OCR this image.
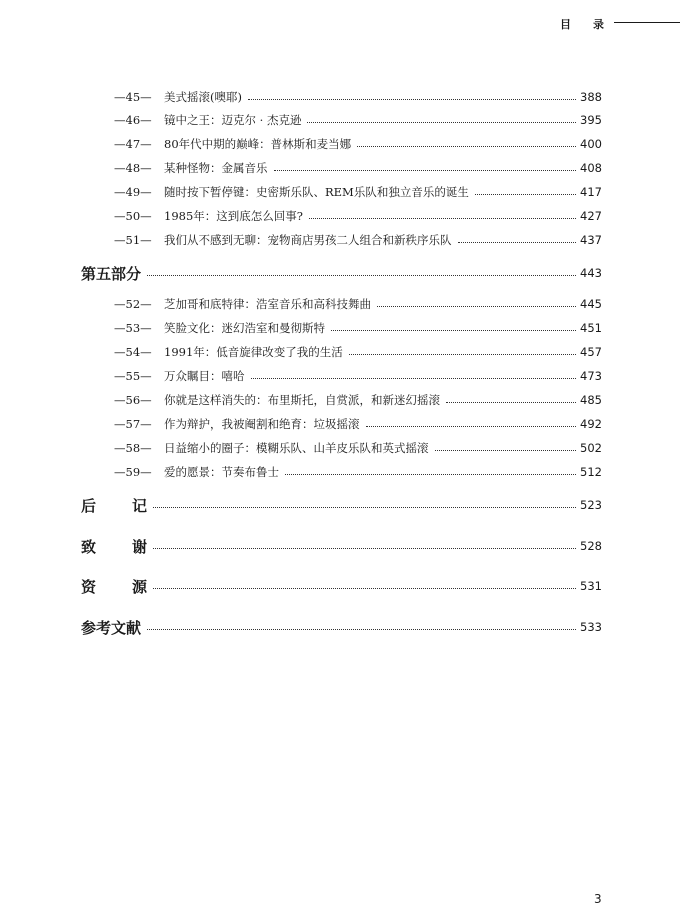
目 录
—45—	美式摇滚(噢耶)	388
—46—	镜中之王：迈克尔 · 杰克逊	395
—47—	80年代中期的巅峰：普林斯和麦当娜	400
—48—	某种怪物：金属音乐	408
—49—	随时按下暂停键：史密斯乐队、REM乐队和独立音乐的诞生	417
—50—	1985年：这到底怎么回事?	427
—51—	我们从不感到无聊：宠物商店男孩二人组合和新秩序乐队	437
第五部分	443
—52—	芝加哥和底特律：浩室音乐和高科技舞曲	445
—53—	笑脸文化：迷幻浩室和曼彻斯特	451
—54—	1991年：低音旋律改变了我的生活	457
—55—	万众瞩目：嘻哈	473
—56—	你就是这样消失的：布里斯托，自赏派，和新迷幻摇滚	485
—57—	作为辩护，我被阉割和绝育：垃圾摇滚	492
—58—	日益缩小的圈子：模糊乐队、山羊皮乐队和英式摇滚	502
—59—	爱的愿景：节奏布鲁士	512
后 记	523
致 谢	528
资 源	531
参考文献	533
3
